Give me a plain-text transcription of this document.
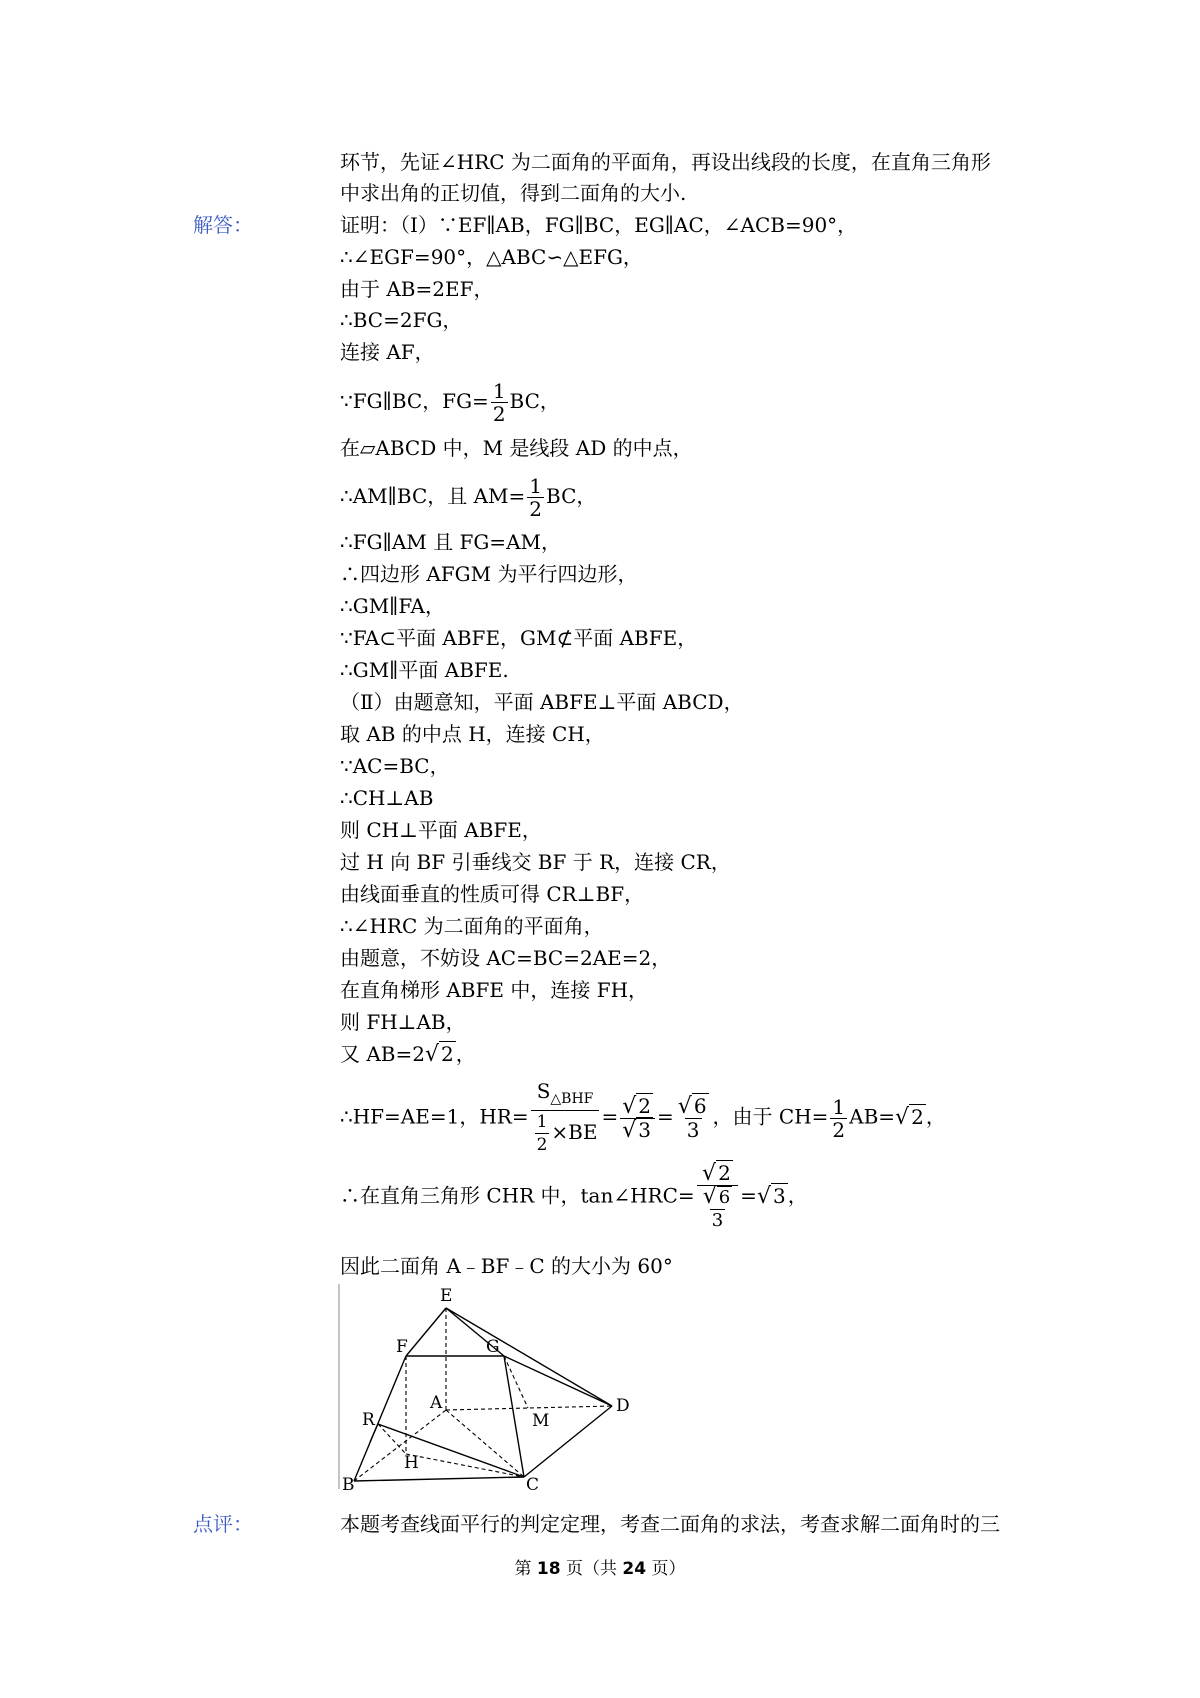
环节，先证∠HRC 为二面角的平面角，再设出线段的长度，在直角三角形
中求出角的正切值，得到二面角的大小.
解答：	证明：（Ⅰ）∵EF∥AB，FG∥BC，EG∥AC，∠ACB=90°，
∴∠EGF=90°，△ABC∽△EFG，
由于 AB=2EF，
∴BC=2FG，
连接 AF，
∵FG∥BC，$FG= \frac{1}{2}$ BC，
在▱ABCD 中，M 是线段 AD 的中点，
∴AM∥BC，且 $AM= \frac{1}{2}$ BC，
∴FG∥AM 且 FG=AM，
∴四边形 AFGM 为平行四边形，
∴GM∥FA，
∵FA⊂平面 ABFE，GM⊄平面 ABFE，
∴GM∥平面 ABFE.
（Ⅱ）由题意知，平面 ABFE⊥平面 ABCD，
取 AB 的中点 H，连接 CH，
∵AC=BC，
∴CH⊥AB
则 CH⊥平面 ABFE，
过 H 向 BF 引垂线交 BF 于 R，连接 CR，
由线面垂直的性质可得 CR⊥BF，
∴∠HRC 为二面角的平面角，
由题意，不妨设 AC=BC=2AE=2，
在直角梯形 ABFE 中，连接 FH，
则 FH⊥AB，
又 AB=2√ 2 ，
∴HF=AE=1，$HR= \frac{S_{\triangle BHF}}{\frac{1}{2} \times BE} = \frac{√ 2}{√ 3} = \frac{√ 6}{3}$ ，由于 $CH= \frac{1}{2} AB=√$ 2 ，
∴在直角三角形 CHR 中，tan∠HRC= $\frac{√ 2}{\frac{√ 6}{3}}$ =√ 3 ，
因此二面角 A﹣BF﹣C 的大小为 60°
E
F	G
A	D
M
R
H
B	C
点评：	本题考查线面平行的判定定理，考查二面角的求法，考查求解二面角时的三
第 18 页（共 24 页）
